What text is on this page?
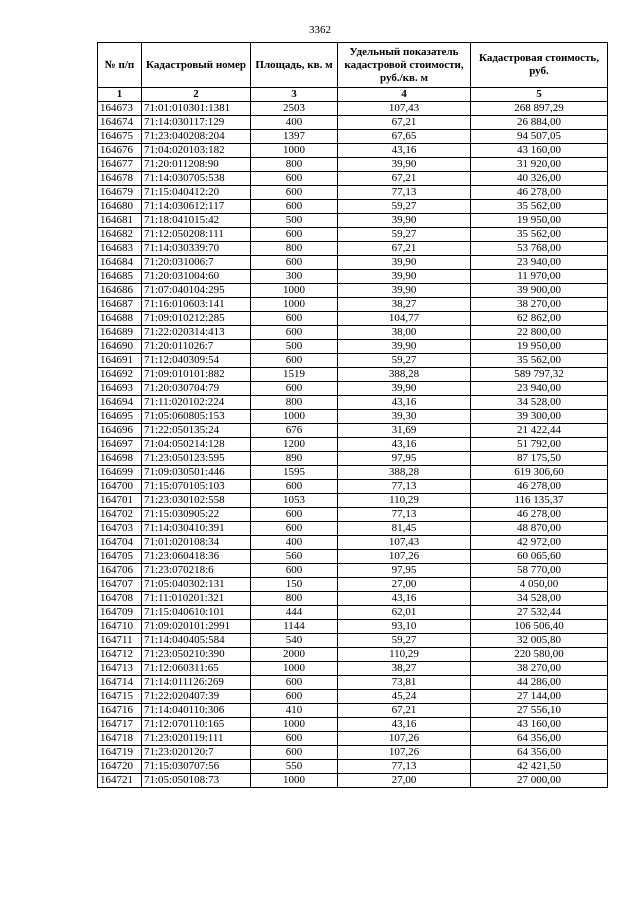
3362
№ п/п	Кадастровый номер	Площадь, кв. м	Удельный показатель кадастровой стоимости, руб./кв. м	Кадастровая стоимость, руб.
1	2	3	4	5
164673	71:01:010301:1381	2503	107,43	268 897,29
164674	71:14:030117:129	400	67,21	26 884,00
164675	71:23:040208:204	1397	67,65	94 507,05
164676	71:04:020103:182	1000	43,16	43 160,00
164677	71:20:011208:90	800	39,90	31 920,00
164678	71:14:030705:538	600	67,21	40 326,00
164679	71:15:040412:20	600	77,13	46 278,00
164680	71:14:030612:117	600	59,27	35 562,00
164681	71:18:041015:42	500	39,90	19 950,00
164682	71:12:050208:111	600	59,27	35 562,00
164683	71:14:030339:70	800	67,21	53 768,00
164684	71:20:031006:7	600	39,90	23 940,00
164685	71:20:031004:60	300	39,90	11 970,00
164686	71:07:040104:295	1000	39,90	39 900,00
164687	71:16:010603:141	1000	38,27	38 270,00
164688	71:09:010212:285	600	104,77	62 862,00
164689	71:22:020314:413	600	38,00	22 800,00
164690	71:20:011026:7	500	39,90	19 950,00
164691	71:12:040309:54	600	59,27	35 562,00
164692	71:09:010101:882	1519	388,28	589 797,32
164693	71:20:030704:79	600	39,90	23 940,00
164694	71:11:020102:224	800	43,16	34 528,00
164695	71:05:060805:153	1000	39,30	39 300,00
164696	71:22:050135:24	676	31,69	21 422,44
164697	71:04:050214:128	1200	43,16	51 792,00
164698	71:23:050123:595	890	97,95	87 175,50
164699	71:09:030501:446	1595	388,28	619 306,60
164700	71:15:070105:103	600	77,13	46 278,00
164701	71:23:030102:558	1053	110,29	116 135,37
164702	71:15:030905:22	600	77,13	46 278,00
164703	71:14:030410:391	600	81,45	48 870,00
164704	71:01:020108:34	400	107,43	42 972,00
164705	71:23:060418:36	560	107,26	60 065,60
164706	71:23:070218:6	600	97,95	58 770,00
164707	71:05:040302:131	150	27,00	4 050,00
164708	71:11:010201:321	800	43,16	34 528,00
164709	71:15:040610:101	444	62,01	27 532,44
164710	71:09:020101:2991	1144	93,10	106 506,40
164711	71:14:040405:584	540	59,27	32 005,80
164712	71:23:050210:390	2000	110,29	220 580,00
164713	71:12:060311:65	1000	38,27	38 270,00
164714	71:14:011126:269	600	73,81	44 286,00
164715	71:22:020407:39	600	45,24	27 144,00
164716	71:14:040110:306	410	67,21	27 556,10
164717	71:12:070110:165	1000	43,16	43 160,00
164718	71:23:020119:111	600	107,26	64 356,00
164719	71:23:020120:7	600	107,26	64 356,00
164720	71:15:030707:56	550	77,13	42 421,50
164721	71:05:050108:73	1000	27,00	27 000,00
